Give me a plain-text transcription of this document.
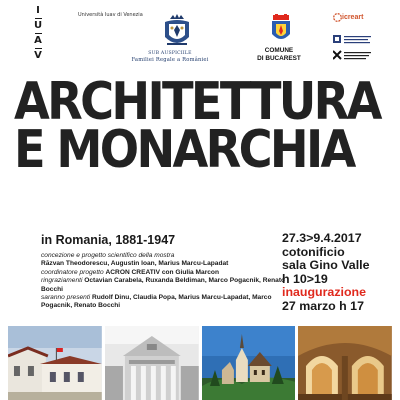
I
U
A
V
Università Iuav di Venezia
SUB AUSPICIILE
Familiei Regale a României
COMUNE
DI BUCAREST
icreart
ARCHITETTURA
E MONARCHIA
in Romania, 1881-1947
concezione e progetto scientifico della mostra
Răzvan Theodorescu, Augustin Ioan, Marius Marcu-Lapadat
coordinatore progetto ACRON CREATIV con Giulia Marcon
ringraziamenti Octavian Carabela, Ruxanda Beldiman, Marco Pogacnik, Renato Bocchi
saranno presenti Rudolf Dinu, Claudia Popa, Marius Marcu-Lapadat, Marco Pogacnik, Renato Bocchi
27.3>9.4.2017
cotonificio
sala Gino Valle
h 10>19
inaugurazione
27 marzo h 17
